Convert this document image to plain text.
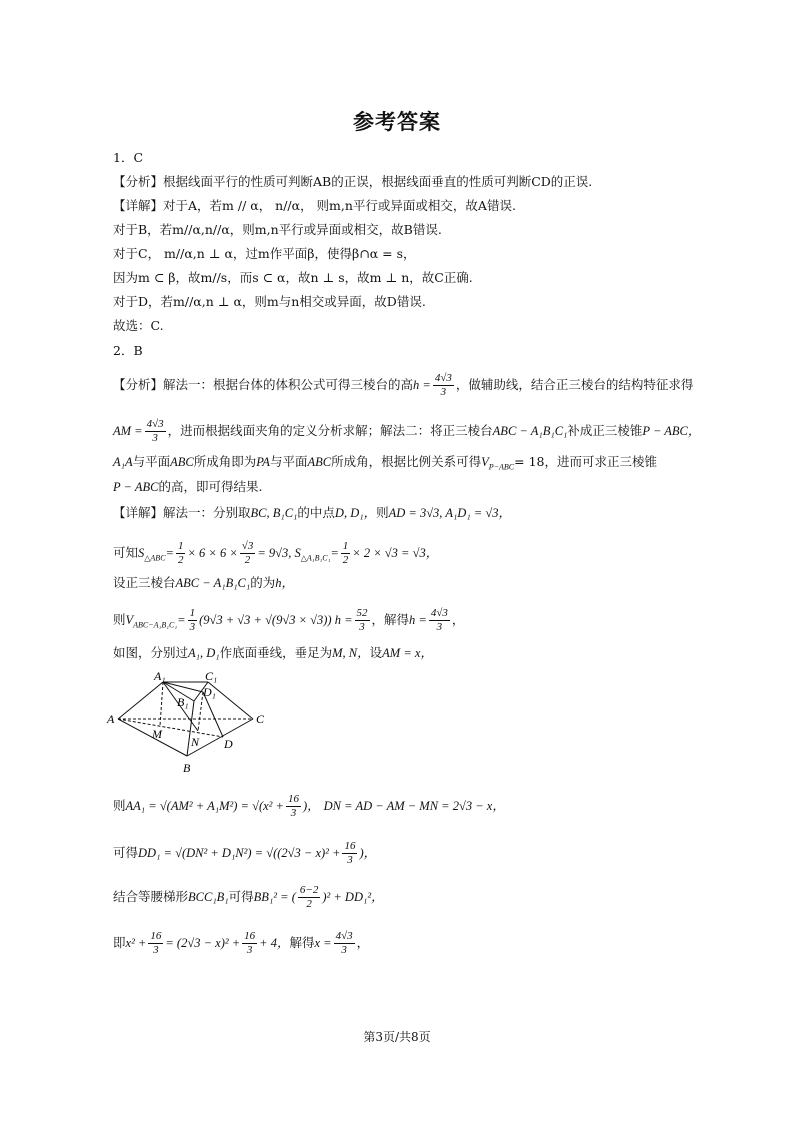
参考答案
1．C
【分析】根据线面平行的性质可判断AB的正误，根据线面垂直的性质可判断CD的正误.
【详解】对于A，若m // α， n//α， 则m,n平行或异面或相交，故A错误.
对于B，若m//α,n//α，则m,n平行或异面或相交，故B错误.
对于C， m//α,n ⊥ α，过m作平面β，使得β∩α = s，
因为m ⊂ β，故m//s，而s ⊂ α，故n ⊥ s，故m ⊥ n，故C正确.
对于D，若m//α,n ⊥ α，则m与n相交或异面，故D错误.
故选：C.
2．B
【分析】解法一：根据台体的体积公式可得三棱台的高$h = \frac{4√3}{3}$ ，做辅助线，结合正三棱台的结构特征求得
AM = $\frac{4√3}{3}$ ，进而根据线面夹角的定义分析求解；解法二：将正三棱台ABC − A₁B₁C₁补成正三棱锥P − ABC，
A₁A与平面ABC所成角即为PA与平面ABC所成角，根据比例关系可得$V_{P-ABC}= 18$，进而可求正三棱锥
P − ABC的高，即可得结果.
【详解】解法一：分别取BC, B₁C₁的中点D, D₁，则AD = 3√3, A₁D₁ = √3，
可知$S_{\triangle ABC}= \frac{1}{2} \times 6 \times 6 \times \frac{√3}{2} = 9√3$, $S_{\triangle A_1B_1C_1}= \frac{1}{2} \times 2 \times √3 = √3$，
设正三棱台ABC − A₁B₁C₁的为h，
则$V_{ABC-A_1B_1C_1}= \frac{1}{3} (9√3 + √3 + √(9√3 \times √3)) h = \frac{52}{3}$ ，解得$h = \frac{4√3}{3}$ ，
如图，分别过A₁, D₁作底面垂线，垂足为M, N，设AM = x，
A
B
C
D
M
N
A₁	C₁
B₁
D₁
则$AA_1 = √(AM^2 + A_1M^2) = √(x^2 + \frac{16}{3}$ )， DN = AD − AM − MN = 2√3 − x，
可得$DD_1 = √(DN^2 + D_1N^2) = √((2√3 - x)^2 + \frac{16}{3}$ )，
结合等腰梯形BCC₁B₁可得BB₁² = ( $\frac{6-2}{2} )^2 + DD_1^2$，
即$x^2 + \frac{16}{3} = (2√3 - x)^2 + \frac{16}{3} + 4$，解得$x = \frac{4√3}{3}$ ，
第3页/共8页
